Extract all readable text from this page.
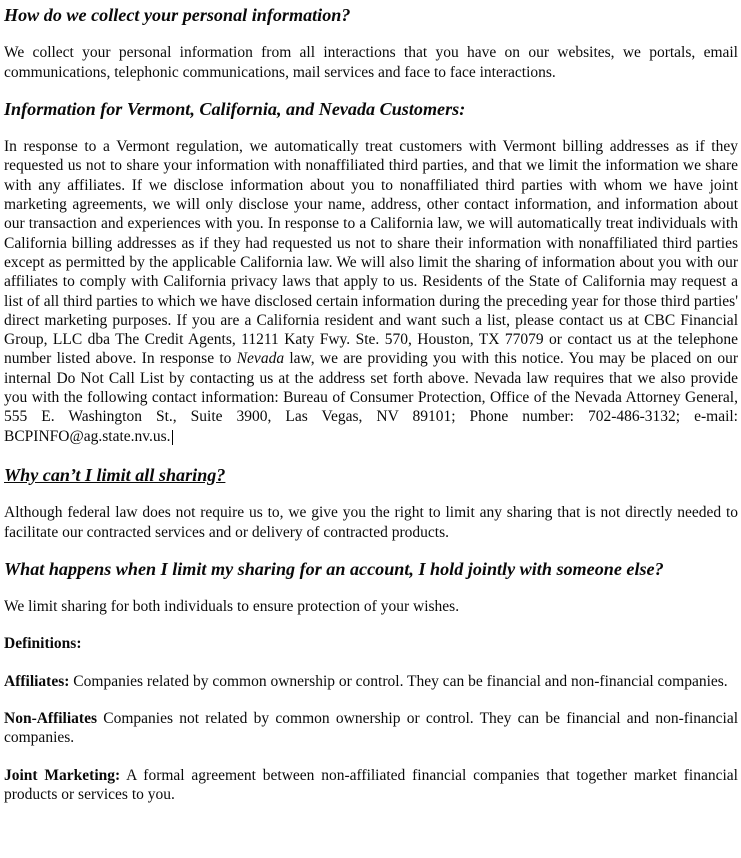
How do we collect your personal information?

We collect your personal information from all interactions that you have on our websites, we portals, email communications, telephonic communications, mail services and face to face interactions.

Information for Vermont, California, and Nevada Customers:

In response to a Vermont regulation, we automatically treat customers with Vermont billing addresses as if they requested us not to share your information with nonaffiliated third parties, and that we limit the information we share with any affiliates. If we disclose information about you to nonaffiliated third parties with whom we have joint marketing agreements, we will only disclose your name, address, other contact information, and information about our transaction and experiences with you. In response to a California law, we will automatically treat individuals with California billing addresses as if they had requested us not to share their information with nonaffiliated third parties except as permitted by the applicable California law. We will also limit the sharing of information about you with our affiliates to comply with California privacy laws that apply to us. Residents of the State of California may request a list of all third parties to which we have disclosed certain information during the preceding year for those third parties' direct marketing purposes. If you are a California resident and want such a list, please contact us at CBC Financial Group, LLC dba The Credit Agents, 11211 Katy Fwy. Ste. 570, Houston, TX 77079 or contact us at the telephone number listed above. In response to Nevada law, we are providing you with this notice. You may be placed on our internal Do Not Call List by contacting us at the address set forth above. Nevada law requires that we also provide you with the following contact information: Bureau of Consumer Protection, Office of the Nevada Attorney General, 555 E. Washington St., Suite 3900, Las Vegas, NV 89101; Phone number: 702-486-3132; e-mail: BCPINFO@ag.state.nv.us.

Why can’t I limit all sharing?

Although federal law does not require us to, we give you the right to limit any sharing that is not directly needed to facilitate our contracted services and or delivery of contracted products.

What happens when I limit my sharing for an account, I hold jointly with someone else?

We limit sharing for both individuals to ensure protection of your wishes.

Definitions:

Affiliates: Companies related by common ownership or control. They can be financial and non-financial companies.

Non-Affiliates Companies not related by common ownership or control. They can be financial and non-financial companies.

Joint Marketing: A formal agreement between non-affiliated financial companies that together market financial products or services to you.
